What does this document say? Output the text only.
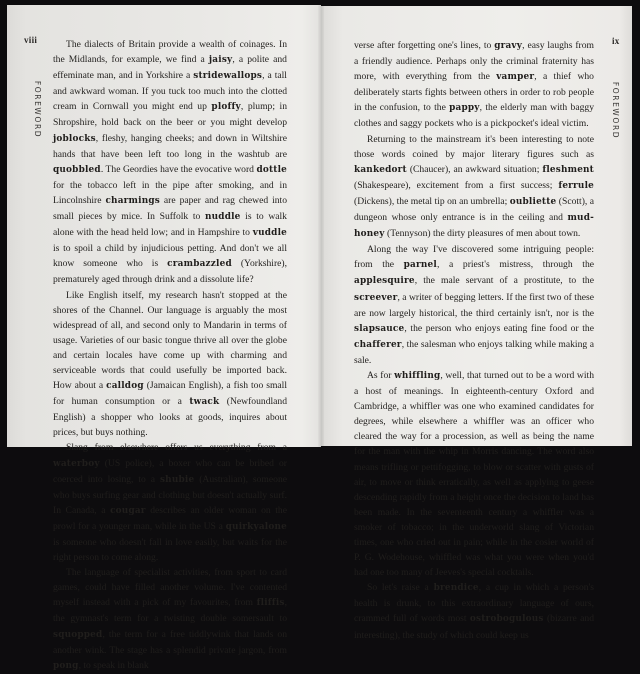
viii
FOREWORD

The dialects of Britain provide a wealth of coinages. In the Midlands, for example, we find a jaisy, a polite and effeminate man, and in Yorkshire a stridewallops, a tall and awkward woman. If you tuck too much into the clotted cream in Cornwall you might end up ploffy, plump; in Shropshire, hold back on the beer or you might develop joblocks, fleshy, hanging cheeks; and down in Wiltshire hands that have been left too long in the washtub are quobbled. The Geordies have the evocative word dottle for the tobacco left in the pipe after smoking, and in Lincolnshire charmings are paper and rag chewed into small pieces by mice. In Suffolk to nuddle is to walk alone with the head held low; and in Hampshire to vuddle is to spoil a child by injudicious petting. And don't we all know someone who is crambazzled (Yorkshire), prematurely aged through drink and a dissolute life?

Like English itself, my research hasn't stopped at the shores of the Channel. Our language is arguably the most widespread of all, and second only to Mandarin in terms of usage. Varieties of our basic tongue thrive all over the globe and certain locales have come up with charming and serviceable words that could usefully be imported back. How about a calldog (Jamaican English), a fish too small for human consumption or a twack (Newfoundland English) a shopper who looks at goods, inquires about prices, but buys nothing.

Slang from elsewhere offers us everything from a waterboy (US police), a boxer who can be bribed or coerced into losing, to a shubie (Australian), someone who buys surfing gear and clothing but doesn't actually surf. In Canada, a cougar describes an older woman on the prowl for a younger man, while in the US a quirkyalone is someone who doesn't fall in love easily, but waits for the right person to come along.

The language of specialist activities, from sport to card games, could have filled another volume. I've contented myself instead with a pick of my favourites, from fliffis, the gymnast's term for a twisting double somersault to squopped, the term for a free tiddlywink that lands on another wink. The stage has a splendid private jargon, from pong, to speak in blank

ix
FOREWORD

verse after forgetting one's lines, to gravy, easy laughs from a friendly audience. Perhaps only the criminal fraternity has more, with everything from the vamper, a thief who deliberately starts fights between others in order to rob people in the confusion, to the pappy, the elderly man with baggy clothes and saggy pockets who is a pickpocket's ideal victim.

Returning to the mainstream it's been interesting to note those words coined by major literary figures such as kankedort (Chaucer), an awkward situation; fleshment (Shakespeare), excitement from a first success; ferrule (Dickens), the metal tip on an umbrella; oubliette (Scott), a dungeon whose only entrance is in the ceiling and mud-honey (Tennyson) the dirty pleasures of men about town.

Along the way I've discovered some intriguing people: from the parnel, a priest's mistress, through the applesquire, the male servant of a prostitute, to the screever, a writer of begging letters. If the first two of these are now largely historical, the third certainly isn't, nor is the slapsauce, the person who enjoys eating fine food or the chafferer, the salesman who enjoys talking while making a sale.

As for whiffling, well, that turned out to be a word with a host of meanings. In eighteenth-century Oxford and Cambridge, a whiffler was one who examined candidates for degrees, while elsewhere a whiffler was an officer who cleared the way for a procession, as well as being the name for the man with the whip in Morris dancing. The word also means trifling or pettifogging, to blow or scatter with gusts of air, to move or think erratically, as well as applying to geese descending rapidly from a height once the decision to land has been made. In the seventeenth century a whiffler was a smoker of tobacco; in the underworld slang of Victorian times, one who cried out in pain; while in the cosier world of P. G. Wodehouse, whiffled was what you were when you'd had one too many of Jeeves's special cocktails.

So let's raise a brendice, a cup in which a person's health is drunk, to this extraordinary language of ours, crammed full of words most ostrobogulous (bizarre and interesting), the study of which could keep us
